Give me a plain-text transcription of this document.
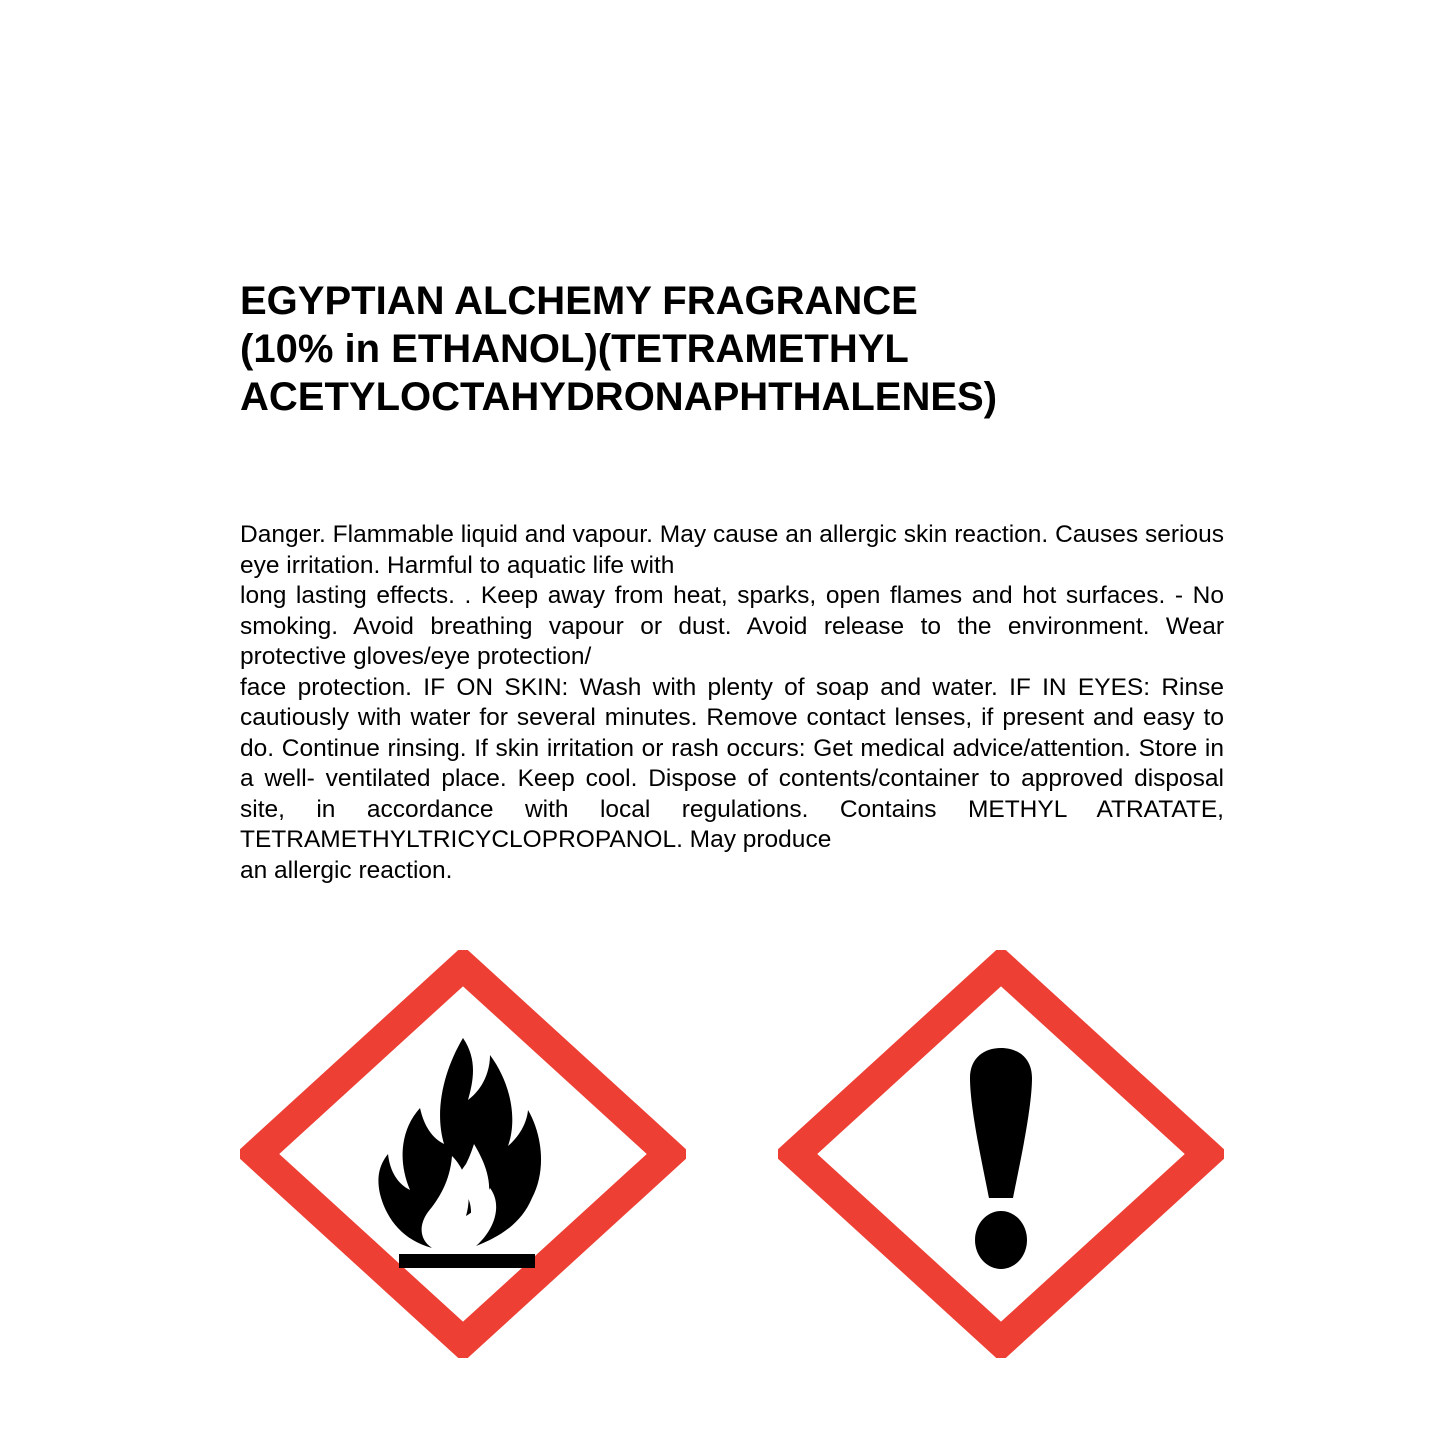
EGYPTIAN ALCHEMY FRAGRANCE
(10% in ETHANOL)(TETRAMETHYL
ACETYLOCTAHYDRONAPHTHALENES)

Danger. Flammable liquid and vapour. May cause an allergic skin reaction. Causes serious eye irritation. Harmful to aquatic life with

long lasting effects. . Keep away from heat, sparks, open flames and hot surfaces. - No smoking. Avoid breathing vapour or dust. Avoid release to the environment. Wear protective gloves/eye protection/

face protection. IF ON SKIN: Wash with plenty of soap and water. IF IN EYES: Rinse cautiously with water for several minutes. Remove contact lenses, if present and easy to do. Continue rinsing. If skin irritation or rash occurs: Get medical advice/attention. Store in a well- ventilated place. Keep cool. Dispose of contents/container to approved disposal site, in accordance with local regulations. Contains METHYL ATRATATE, TETRAMETHYLTRICYCLOPROPANOL. May produce

an allergic reaction.
